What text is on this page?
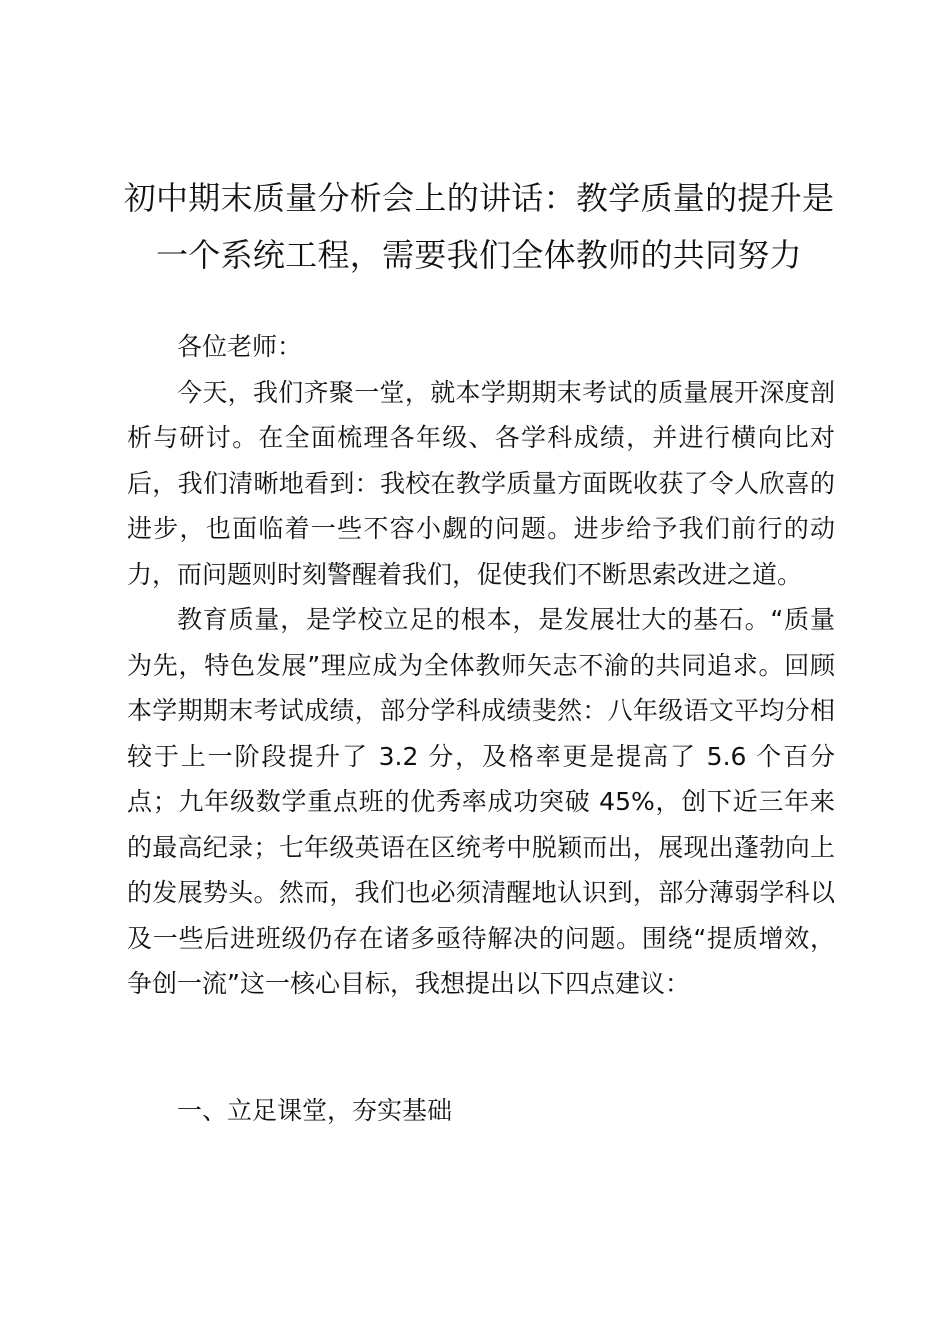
初中期末质量分析会上的讲话：教学质量的提升是一个系统工程，需要我们全体教师的共同努力

各位老师：

今天，我们齐聚一堂，就本学期期末考试的质量展开深度剖析与研讨。在全面梳理各年级、各学科成绩，并进行横向比对后，我们清晰地看到：我校在教学质量方面既收获了令人欣喜的进步，也面临着一些不容小觑的问题。进步给予我们前行的动力，而问题则时刻警醒着我们，促使我们不断思索改进之道。

教育质量，是学校立足的根本，是发展壮大的基石。“质量为先，特色发展”理应成为全体教师矢志不渝的共同追求。回顾本学期期末考试成绩，部分学科成绩斐然：八年级语文平均分相较于上一阶段提升了 3.2 分，及格率更是提高了 5.6 个百分点；九年级数学重点班的优秀率成功突破 45%，创下近三年来的最高纪录；七年级英语在区统考中脱颖而出，展现出蓬勃向上的发展势头。然而，我们也必须清醒地认识到，部分薄弱学科以及一些后进班级仍存在诸多亟待解决的问题。围绕“提质增效，争创一流”这一核心目标，我想提出以下四点建议：

一、立足课堂，夯实基础
